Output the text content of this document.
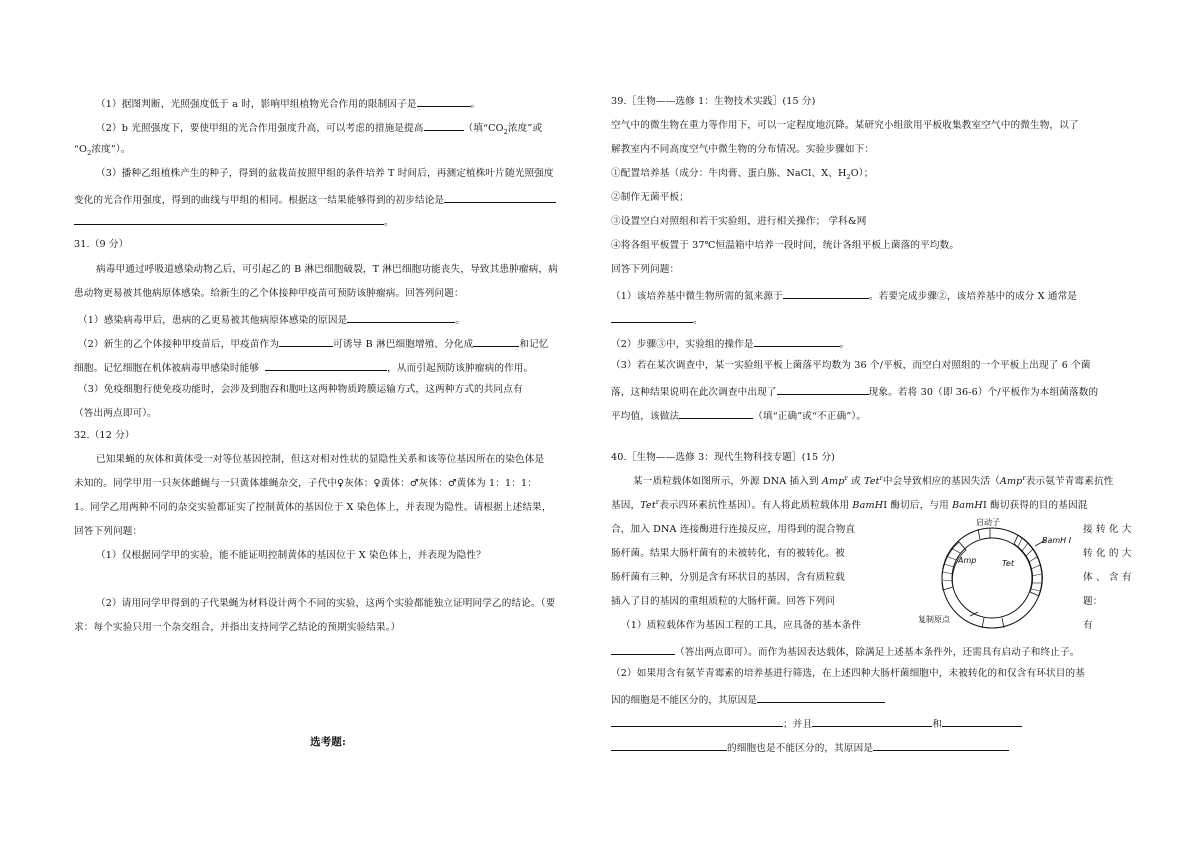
（1）据图判断，光照强度低于 a 时，影响甲组植物光合作用的限制因子是	。
（2）b 光照强度下，要使甲组的光合作用强度升高，可以考虑的措施是提高	（填“$CO_2$浓度”或
“$O_2$浓度”）。
（3）播种乙组植株产生的种子，得到的盆栽苗按照甲组的条件培养 T 时间后，再测定植株叶片随光照强度
变化的光合作用强度，得到的曲线与甲组的相同。根据这一结果能够得到的初步结论是
。
31.（9 分）
病毒甲通过呼吸道感染动物乙后，可引起乙的 B 淋巴细胞破裂，T 淋巴细胞功能丧失，导致其患肿瘤病，病
患动物更易被其他病原体感染。给新生的乙个体接种甲疫苗可预防该肿瘤病。回答列问题：
（1）感染病毒甲后，患病的乙更易被其他病原体感染的原因是	。
（2）新生的乙个体接种甲疫苗后，甲疫苗作为	可诱导 B 淋巴细胞增殖、分化成	和记忆
细胞。记忆细胞在机体被病毒甲感染时能够	，从而引起预防该肿瘤病的作用。
（3）免疫细胞行使免疫功能时，会涉及到胞吞和胞吐这两种物质跨膜运输方式，这两种方式的共同点有
（答出两点即可）。
32.（12 分）
已知果蝇的灰体和黄体受一对等位基因控制，但这对相对性状的显隐性关系和该等位基因所在的染色体是
未知的。同学甲用一只灰体雌蝇与一只黄体雄蝇杂交，子代中♀灰体：♀黄体：♂灰体：♂黄体为 1：1：1：
1。同学乙用两种不同的杂交实验都证实了控制黄体的基因位于 X 染色体上，并表现为隐性。请根据上述结果，
回答下列问题：
（1）仅根据同学甲的实验，能不能证明控制黄体的基因位于 X 染色体上，并表现为隐性？
（2）请用同学甲得到的子代果蝇为材料设计两个不同的实验，这两个实验都能独立证明同学乙的结论。（要
求：每个实验只用一个杂交组合，并指出支持同学乙结论的预期实验结果。）
选考题:
39.［生物——选修 1：生物技术实践］(15 分)
空气中的微生物在重力等作用下，可以一定程度地沉降。某研究小组欲用平板收集教室空气中的微生物，以了
解教室内不同高度空气中微生物的分布情况。实验步骤如下：
①配置培养基（成分：牛肉膏、蛋白胨、NaCl、X、$H_2O$）；
②制作无菌平板；
③设置空白对照组和若干实验组，进行相关操作； 学科&网
④将各组平板置于 37℃恒温箱中培养一段时间，统计各组平板上菌落的平均数。
回答下列问题：
（1）该培养基中微生物所需的氮来源于	。若要完成步骤②，该培养基中的成分 X 通常是
。
（2）步骤③中，实验组的操作是	。
（3）若在某次调查中，某一实验组平板上菌落平均数为 36 个/平板，而空白对照组的一个平板上出现了 6 个菌
落，这种结果说明在此次调查中出现了	现象。若将 30（即 36-6）个/平板作为本组菌落数的
平均值，该做法	（填“正确”或“不正确”）。
40.［生物——选修 3：现代生物科技专题］(15 分)
某一质粒载体如图所示，外源 DNA 插入到 Amp$^r$ 或 Tet$^r$中会导致相应的基因失活（Amp$^r$表示氨苄青霉素抗性
基因，Tet$^r$表示四环素抗性基因）。有人将此质粒载体用 BamHI 酶切后，与用 BamHI 酶切获得的目的基因混
合，加入 DNA 连接酶进行连接反应，用得到的混合物直	接 转 化 大
肠杆菌。结果大肠杆菌有的未被转化，有的被转化。被	转 化 的 大
肠杆菌有三种，分别是含有环状目的基因、含有质粒载	体 、 含 有
插入了目的基因的重组质粒的大肠杆菌。回答下列问	题：
（1）质粒载体作为基因工程的工具，应具备的基本条件	有
（答出两点即可）。而作为基因表达载体，除满足上述基本条件外，还需具有启动子和终止子。
（2）如果用含有氨苄青霉素的培养基进行筛选，在上述四种大肠杆菌细胞中，未被转化的和仅含有环状目的基
因的细胞是不能区分的，其原因是
；并且	和
的细胞也是不能区分的，其原因是
启动子
BamH I
Amp	Tet
复制原点
